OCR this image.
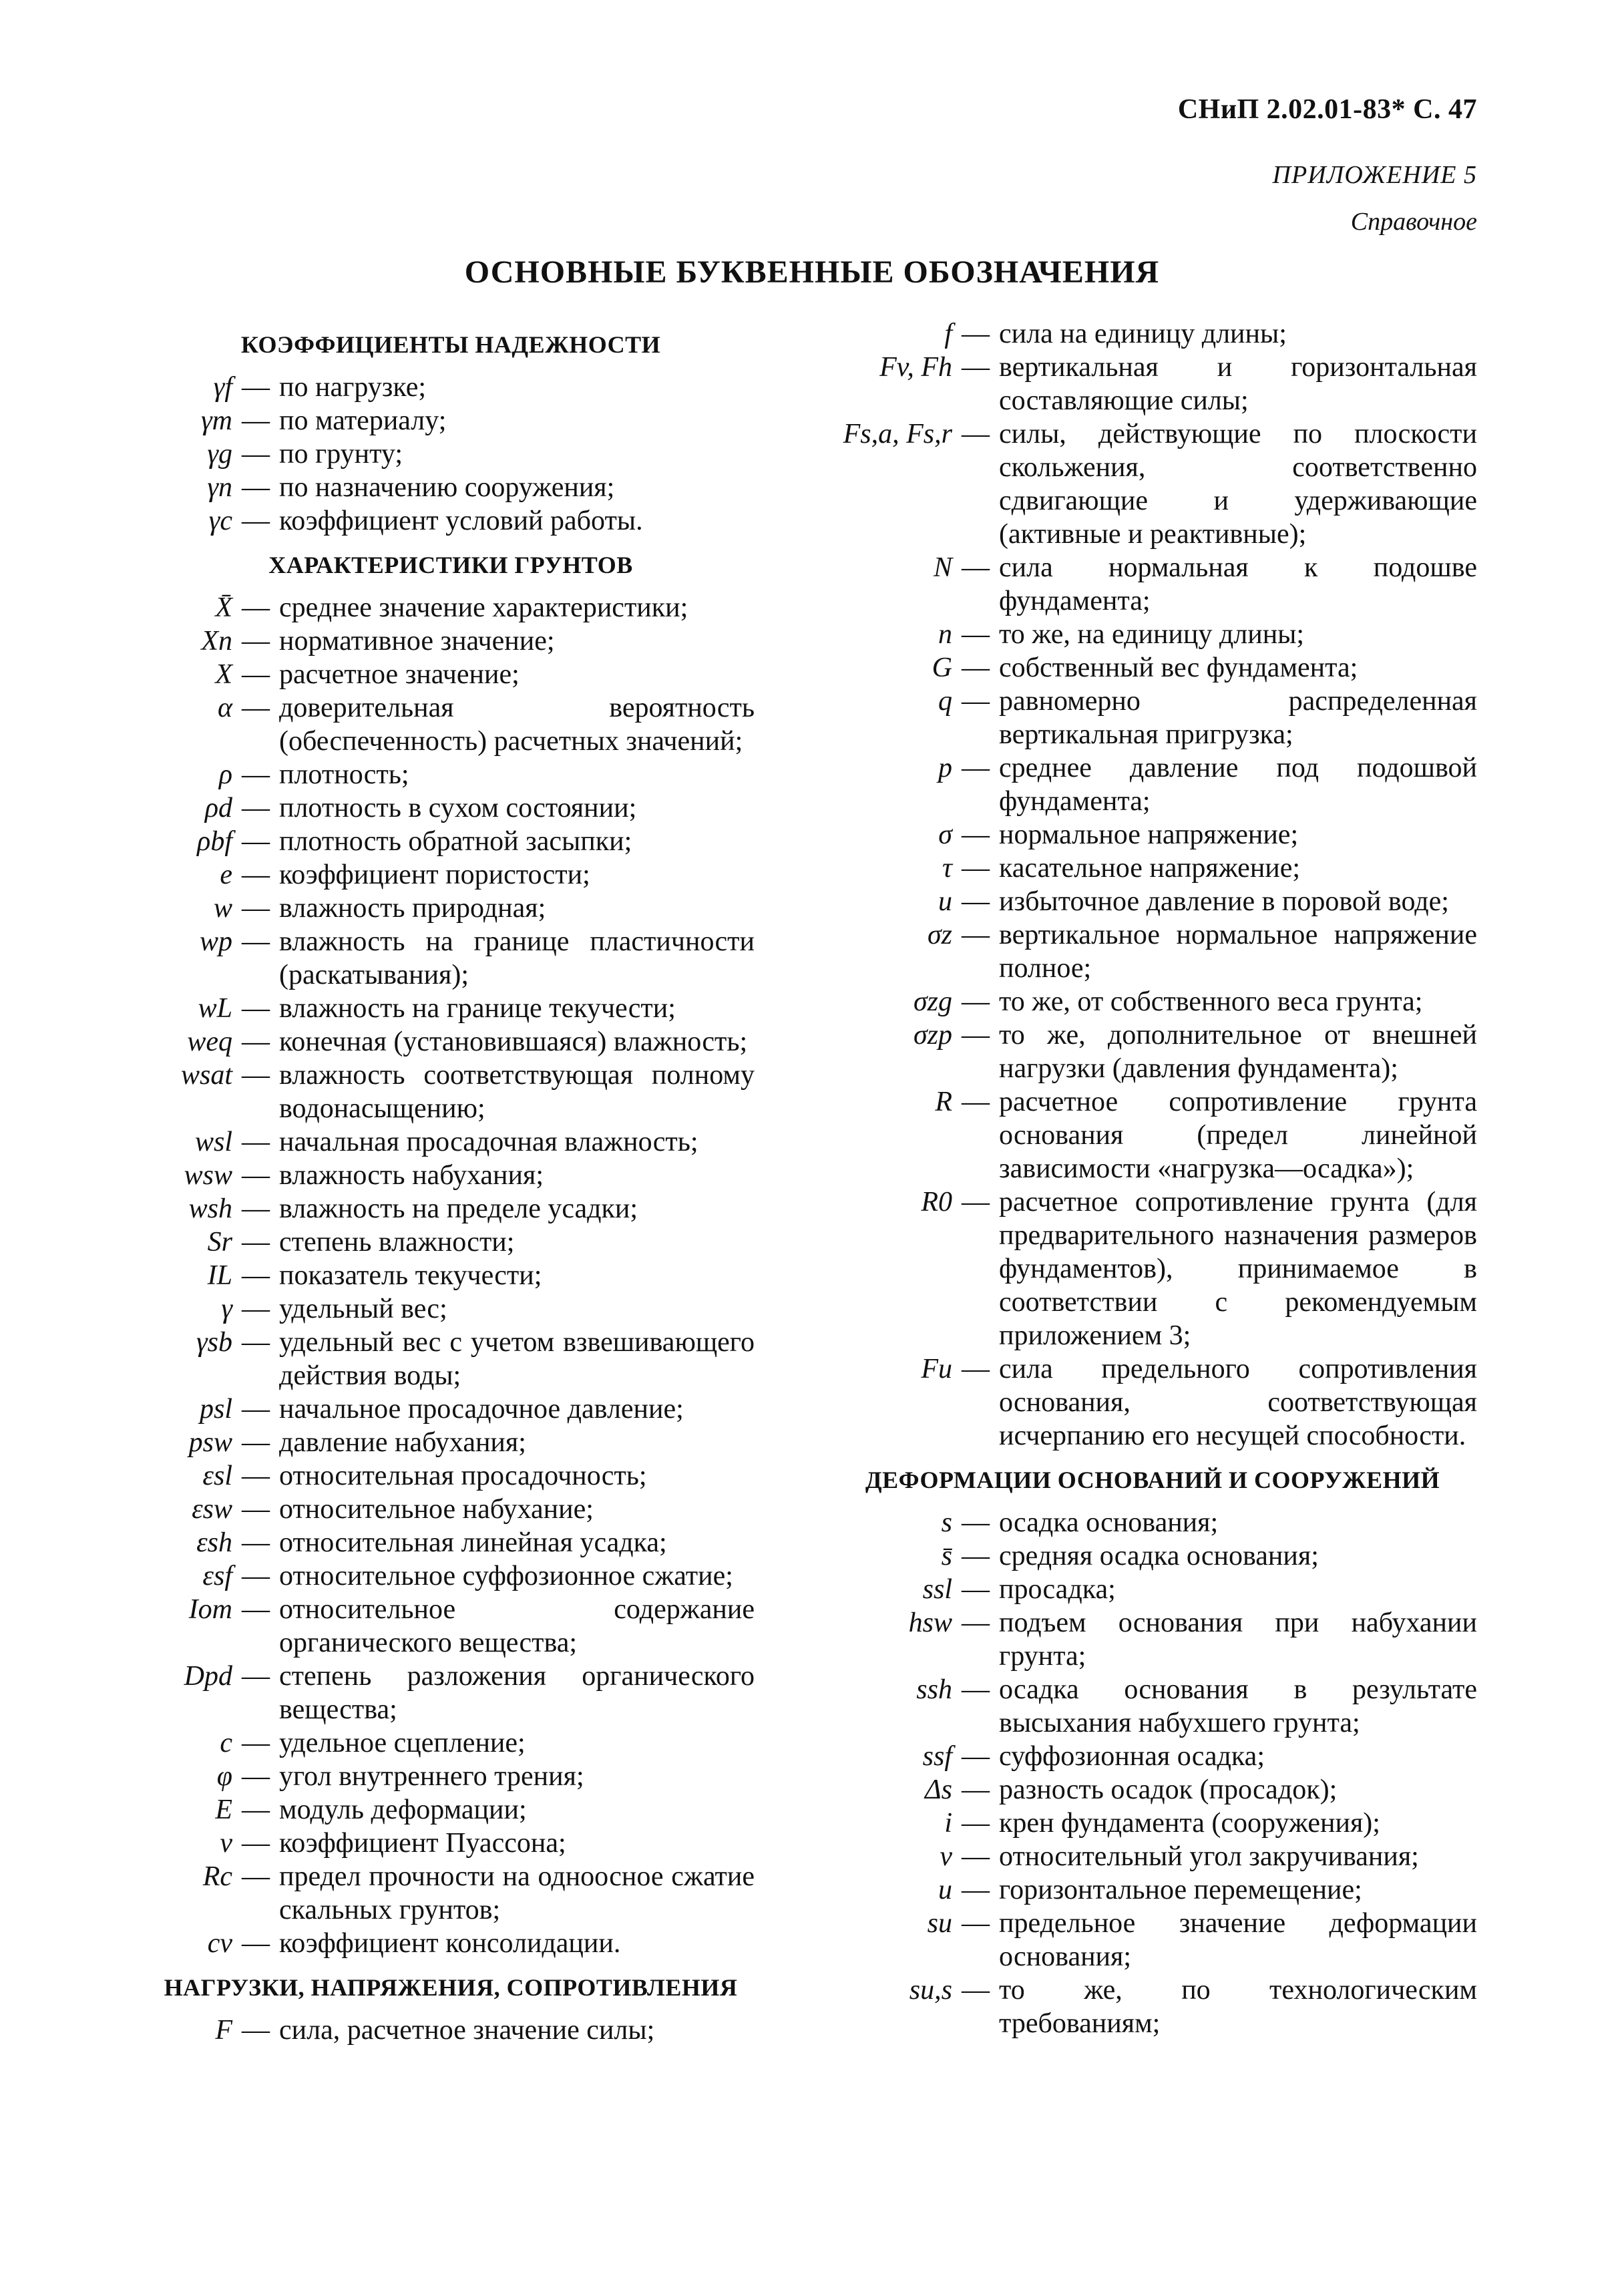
СНиП 2.02.01-83* С. 47
ПРИЛОЖЕНИЕ 5
Справочное
ОСНОВНЫЕ БУКВЕННЫЕ ОБОЗНАЧЕНИЯ
КОЭФФИЦИЕНТЫ НАДЕЖНОСТИ
γf — по нагрузке;
γm — по материалу;
γg — по грунту;
γn — по назначению сооружения;
γc — коэффициент условий работы.
ХАРАКТЕРИСТИКИ ГРУНТОВ
X̄ — среднее значение характеристики;
Xn — нормативное значение;
X — расчетное значение;
α — доверительная вероятность (обеспеченность) расчетных значений;
ρ — плотность;
ρd — плотность в сухом состоянии;
ρbf — плотность обратной засыпки;
e — коэффициент пористости;
w — влажность природная;
wp — влажность на границе пластичности (раскатывания);
wL — влажность на границе текучести;
weq — конечная (установившаяся) влажность;
wsat — влажность соответствующая полному водонасыщению;
wsl — начальная просадочная влажность;
wsw — влажность набухания;
wsh — влажность на пределе усадки;
Sr — степень влажности;
IL — показатель текучести;
γ — удельный вес;
γsb — удельный вес с учетом взвешивающего действия воды;
psl — начальное просадочное давление;
psw — давление набухания;
εsl — относительная просадочность;
εsw — относительное набухание;
εsh — относительная линейная усадка;
εsf — относительное суффозионное сжатие;
Iom — относительное содержание органического вещества;
Dpd — степень разложения органического вещества;
c — удельное сцепление;
φ — угол внутреннего трения;
E — модуль деформации;
ν — коэффициент Пуассона;
Rc — предел прочности на одноосное сжатие скальных грунтов;
cv — коэффициент консолидации.
НАГРУЗКИ, НАПРЯЖЕНИЯ, СОПРОТИВЛЕНИЯ
F — сила, расчетное значение силы;
f — сила на единицу длины;
Fv, Fh — вертикальная и горизонтальная составляющие силы;
Fs,a, Fs,r — силы, действующие по плоскости скольжения, соответственно сдвигающие и удерживающие (активные и реактивные);
N — сила нормальная к подошве фундамента;
n — то же, на единицу длины;
G — собственный вес фундамента;
q — равномерно распределенная вертикальная пригрузка;
p — среднее давление под подошвой фундамента;
σ — нормальное напряжение;
τ — касательное напряжение;
u — избыточное давление в поровой воде;
σz — вертикальное нормальное напряжение полное;
σzg — то же, от собственного веса грунта;
σzp — то же, дополнительное от внешней нагрузки (давления фундамента);
R — расчетное сопротивление грунта основания (предел линейной зависимости «нагрузка—осадка»);
R0 — расчетное сопротивление грунта (для предварительного назначения размеров фундаментов), принимаемое в соответствии с рекомендуемым приложением 3;
Fu — сила предельного сопротивления основания, соответствующая исчерпанию его несущей способности.
ДЕФОРМАЦИИ ОСНОВАНИЙ И СООРУЖЕНИЙ
s — осадка основания;
s̄ — средняя осадка основания;
ssl — просадка;
hsw — подъем основания при набухании грунта;
ssh — осадка основания в результате высыхания набухшего грунта;
ssf — суффозионная осадка;
Δs — разность осадок (просадок);
i — крен фундамента (сооружения);
ν — относительный угол закручивания;
u — горизонтальное перемещение;
su — предельное значение деформации основания;
su,s — то же, по технологическим требованиям;
